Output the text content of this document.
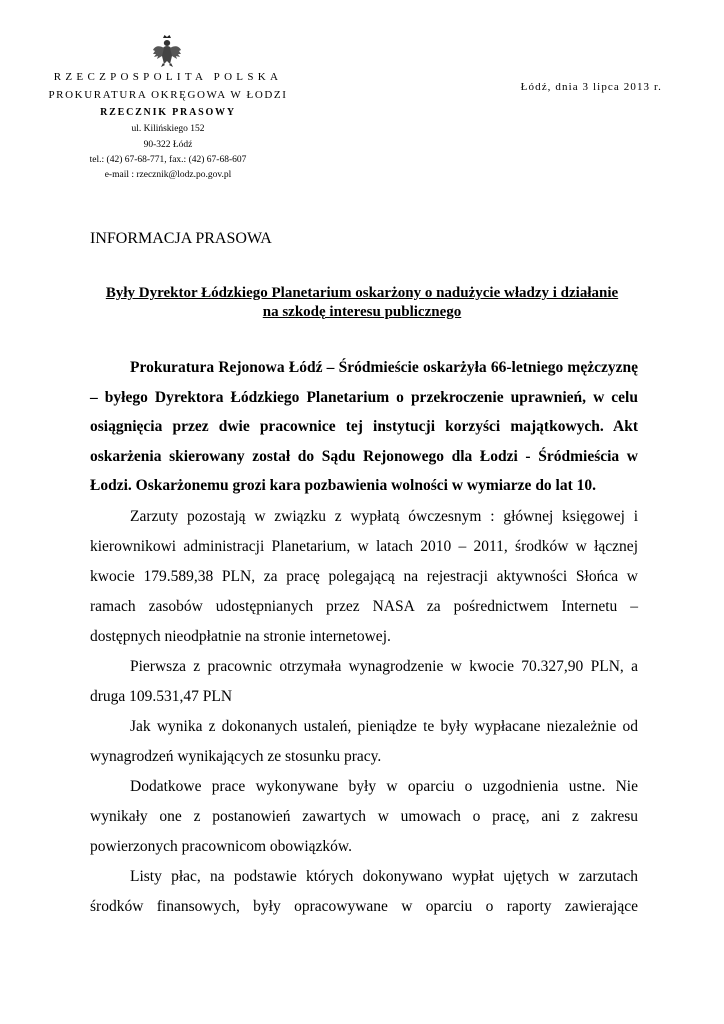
RZECZPOSPOLITA POLSKA
PROKURATURA OKRĘGOWA W ŁODZI
RZECZNIK PRASOWY
ul. Kilińskiego 152
90-322 Łódź
tel.: (42) 67-68-771, fax.: (42) 67-68-607
e-mail : rzecznik@lodz.po.gov.pl
Łódź, dnia 3 lipca 2013 r.
INFORMACJA PRASOWA
Były Dyrektor Łódzkiego Planetarium oskarżony o nadużycie władzy i działanie
na szkodę interesu publicznego

Prokuratura Rejonowa Łódź – Śródmieście oskarżyła 66-letniego mężczyznę – byłego Dyrektora Łódzkiego Planetarium o przekroczenie uprawnień, w celu osiągnięcia przez dwie pracownice tej instytucji korzyści majątkowych. Akt oskarżenia skierowany został do Sądu Rejonowego dla Łodzi - Śródmieścia w Łodzi. Oskarżonemu grozi kara pozbawienia wolności w wymiarze do lat 10.

Zarzuty pozostają w związku z wypłatą ówczesnym : głównej księgowej i kierownikowi administracji Planetarium, w latach 2010 – 2011, środków w łącznej kwocie 179.589,38 PLN, za pracę polegającą na rejestracji aktywności Słońca w ramach zasobów udostępnianych przez NASA za pośrednictwem Internetu – dostępnych nieodpłatnie na stronie internetowej.

Pierwsza z pracownic otrzymała wynagrodzenie w kwocie 70.327,90 PLN, a druga 109.531,47 PLN

Jak wynika z dokonanych ustaleń, pieniądze te były wypłacane niezależnie od wynagrodzeń wynikających ze stosunku pracy.

Dodatkowe prace wykonywane były w oparciu o uzgodnienia ustne. Nie wynikały one z postanowień zawartych w umowach o pracę, ani z zakresu powierzonych pracownicom obowiązków.

Listy płac, na podstawie których dokonywano wypłat ujętych w zarzutach środków finansowych, były opracowywane w oparciu o raporty zawierające
